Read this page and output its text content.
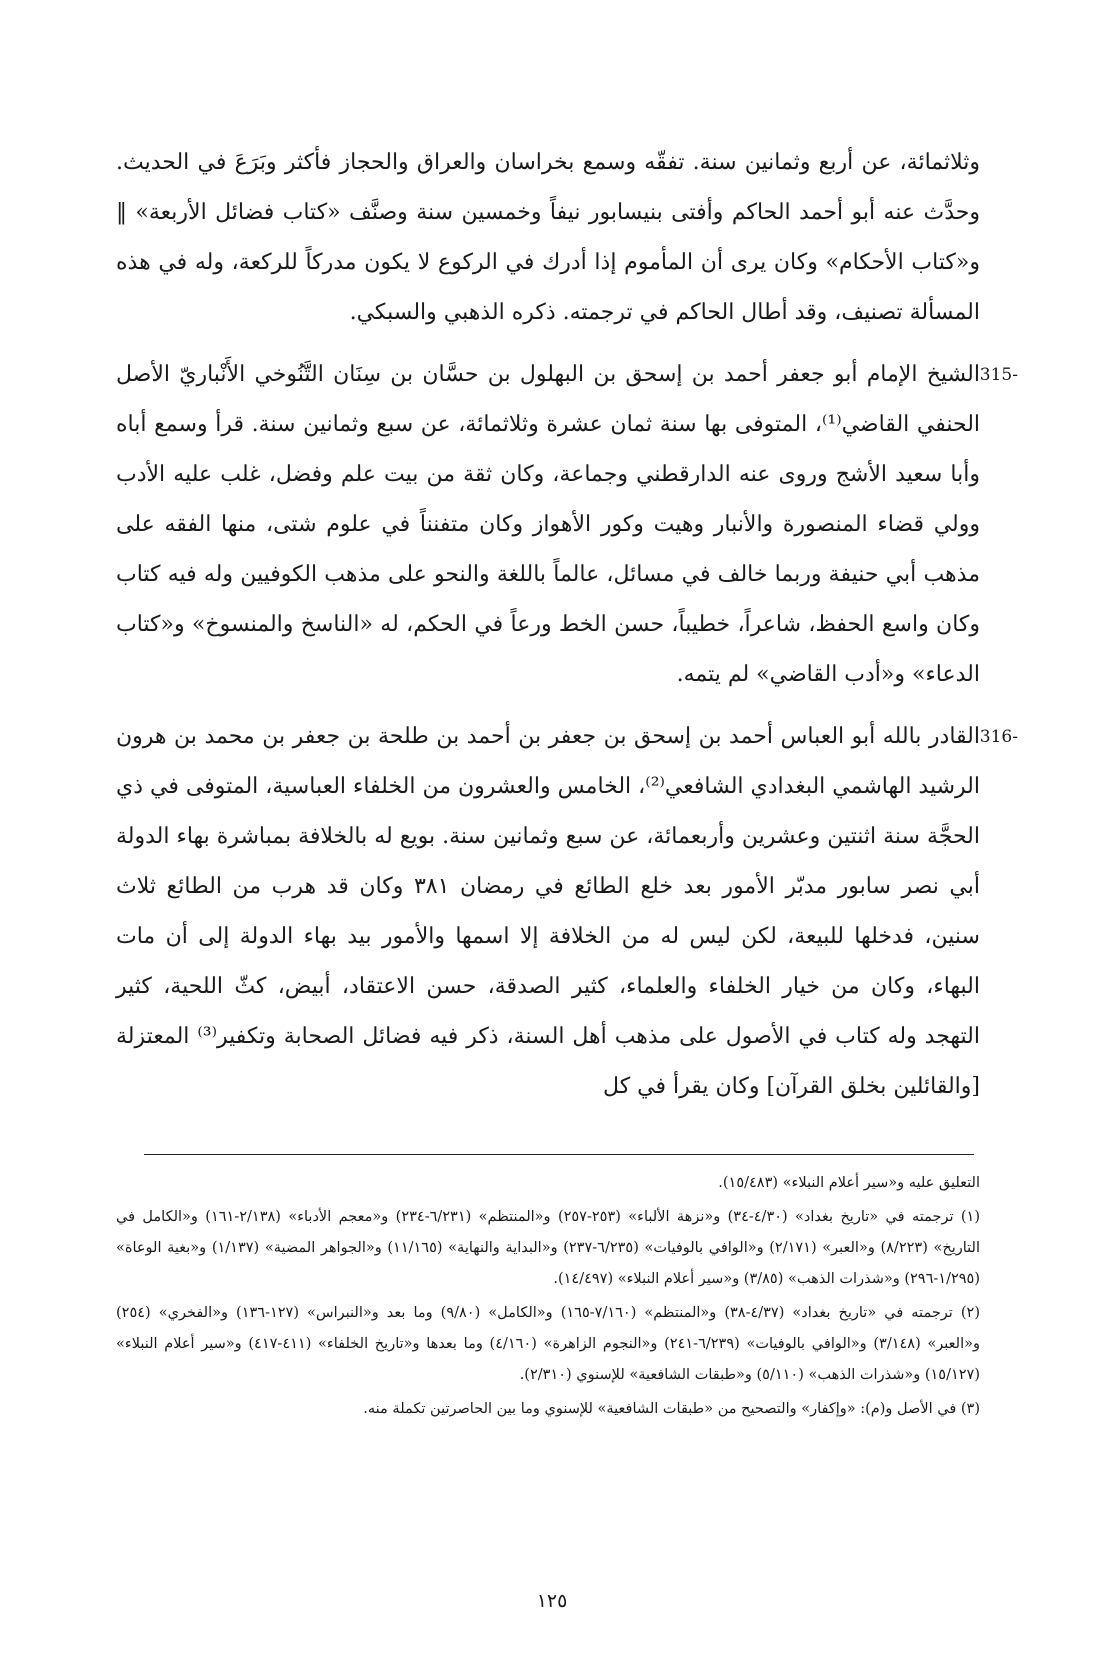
وثلاثمائة، عن أربع وثمانين سنة. تفقّه وسمع بخراسان والعراق والحجاز فأكثر وبَرَعَ في الحديث. وحدَّث عنه أبو أحمد الحاكم وأفتى بنيسابور نيفاً وخمسين سنة وصنَّف «كتاب فضائل الأربعة» ‖ و«كتاب الأحكام» وكان يرى أن المأموم إذا أدرك في الركوع لا يكون مدركاً للركعة، وله في هذه المسألة تصنيف، وقد أطال الحاكم في ترجمته. ذكره الذهبي والسبكي.

315-

الشيخ الإمام أبو جعفر أحمد بن إسحق بن البهلول بن حسَّان بن سِنَان التَّنُوخي الأَنْباريّ الأصل الحنفي القاضي⁽¹⁾، المتوفى بها سنة ثمان عشرة وثلاثمائة، عن سبع وثمانين سنة. قرأ وسمع أباه وأبا سعيد الأشج وروى عنه الدارقطني وجماعة، وكان ثقة من بيت علم وفضل، غلب عليه الأدب وولي قضاء المنصورة والأنبار وهيت وكور الأهواز وكان متفنناً في علوم شتى، منها الفقه على مذهب أبي حنيفة وربما خالف في مسائل، عالماً باللغة والنحو على مذهب الكوفيين وله فيه كتاب وكان واسع الحفظ، شاعراً، خطيباً، حسن الخط ورعاً في الحكم، له «الناسخ والمنسوخ» و«كتاب الدعاء» و«أدب القاضي» لم يتمه.

316-

القادر بالله أبو العباس أحمد بن إسحق بن جعفر بن أحمد بن طلحة بن جعفر بن محمد بن هرون الرشيد الهاشمي البغدادي الشافعي⁽²⁾، الخامس والعشرون من الخلفاء العباسية، المتوفى في ذي الحجَّة سنة اثنتين وعشرين وأربعمائة، عن سبع وثمانين سنة. بويع له بالخلافة بمباشرة بهاء الدولة أبي نصر سابور مدبّر الأمور بعد خلع الطائع في رمضان ٣٨١ وكان قد هرب من الطائع ثلاث سنين، فدخلها للبيعة، لكن ليس له من الخلافة إلا اسمها والأمور بيد بهاء الدولة إلى أن مات البهاء، وكان من خيار الخلفاء والعلماء، كثير الصدقة، حسن الاعتقاد، أبيض، كثّ اللحية، كثير التهجد وله كتاب في الأصول على مذهب أهل السنة، ذكر فيه فضائل الصحابة وتكفير⁽³⁾ المعتزلة [والقائلين بخلق القرآن] وكان يقرأ في كل

التعليق عليه و«سير أعلام النبلاء» (١٥/٤٨٣).

(١) ترجمته في «تاريخ بغداد» (٤/٣٠-٣٤) و«نزهة الألباء» (٢٥٣-٢٥٧) و«المنتظم» (٦/٢٣١-٢٣٤) و«معجم الأدباء» (٢/١٣٨-١٦١) و«الكامل في التاريخ» (٨/٢٢٣) و«العبر» (٢/١٧١) و«الوافي بالوفيات» (٦/٢٣٥-٢٣٧) و«البداية والنهاية» (١١/١٦٥) و«الجواهر المضية» (١/١٣٧) و«بغية الوعاة» (١/٢٩٥-٢٩٦) و«شذرات الذهب» (٣/٨٥) و«سير أعلام النبلاء» (١٤/٤٩٧).

(٢) ترجمته في «تاريخ بغداد» (٤/٣٧-٣٨) و«المنتظم» (٧/١٦٠-١٦٥) و«الكامل» (٩/٨٠) وما بعد و«النبراس» (١٢٧-١٣٦) و«الفخري» (٢٥٤) و«العبر» (٣/١٤٨) و«الوافي بالوفيات» (٦/٢٣٩-٢٤١) و«النجوم الزاهرة» (٤/١٦٠) وما بعدها و«تاريخ الخلفاء» (٤١١-٤١٧) و«سير أعلام النبلاء» (١٥/١٢٧) و«شذرات الذهب» (٥/١١٠) و«طبقات الشافعية» للإسنوي (٢/٣١٠).

(٣) في الأصل و(م): «وإكفار» والتصحيح من «طبقات الشافعية» للإسنوي وما بين الحاصرتين تكملة منه.

١٢٥
